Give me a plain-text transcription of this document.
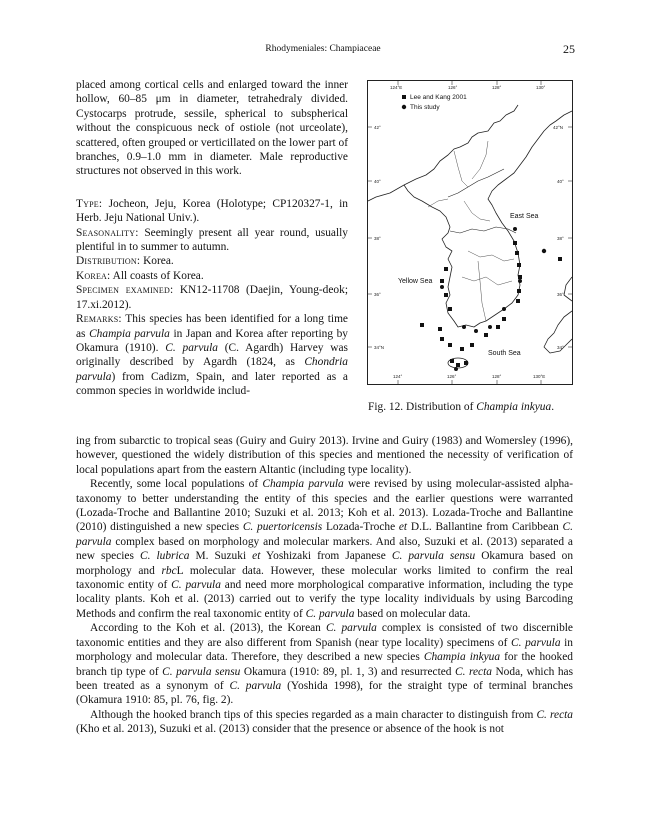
Rhodymeniales: Champiaceae	25

placed among cortical cells and enlarged toward the inner hollow, 60–85 μm in diameter, tetrahedraly divided. Cystocarps protrude, sessile, spherical to subspherical without the conspicuous neck of ostiole (not urceolate), scattered, often grouped or verticillated on the lower part of branches, 0.9–1.0 mm in diameter. Male reproductive structures not observed in this work.

Type: Jocheon, Jeju, Korea (Holotype; CP120327-1, in Herb. Jeju National Univ.).

Seasonality: Seemingly present all year round, usually plentiful in to summer to autumn.

Distribution: Korea.

Korea: All coasts of Korea.

Specimen examined: KN12-11708 (Daejin, Young-deok; 17.xi.2012).

Remarks: This species has been identified for a long time as Champia parvula in Japan and Korea after reporting by Okamura (1910). C. parvula (C. Agardh) Harvey was originally described by Agardh (1824, as Chondria parvula) from Cadizm, Spain, and later reported as a common species in worldwide includ-

124°E	126°	128°	130°
124°	126°	128°	130°E
42°
40°
38°
36°
34°N
42°N
40°
38°
36°
34°
Lee and Kang 2001
This study
East Sea
Yellow Sea
South Sea
Fig. 12. Distribution of Champia inkyua.

ing from subarctic to tropical seas (Guiry and Guiry 2013). Irvine and Guiry (1983) and Womersley (1996), however, questioned the widely distribution of this species and mentioned the necessity of verification of local populations apart from the eastern Altantic (including type locality).

Recently, some local populations of Champia parvula were revised by using molecular-assisted alpha-taxonomy to better understanding the entity of this species and the earlier questions were warranted (Lozada-Troche and Ballantine 2010; Suzuki et al. 2013; Koh et al. 2013). Lozada-Troche and Ballantine (2010) distinguished a new species C. puertoricensis Lozada-Troche et D.L. Ballantine from Caribbean C. parvula complex based on morphology and molecular markers. And also, Suzuki et al. (2013) separated a new species C. lubrica M. Suzuki et Yoshizaki from Japanese C. parvula sensu Okamura based on morphology and rbcL molecular data. However, these molecular works limited to confirm the real taxonomic entity of C. parvula and need more morphological comparative information, including the type locality plants. Koh et al. (2013) carried out to verify the type locality individuals by using Barcoding Methods and confirm the real taxonomic entity of C. parvula based on molecular data.

According to the Koh et al. (2013), the Korean C. parvula complex is consisted of two discernible taxonomic entities and they are also different from Spanish (near type locality) specimens of C. parvula in morphology and molecular data. Therefore, they described a new species Champia inkyua for the hooked branch tip type of C. parvula sensu Okamura (1910: 89, pl. 1, 3) and resurrected C. recta Noda, which has been treated as a synonym of C. parvula (Yoshida 1998), for the straight type of terminal branches (Okamura 1910: 85, pl. 76, fig. 2).

Although the hooked branch tips of this species regarded as a main character to distinguish from C. recta (Kho et al. 2013), Suzuki et al. (2013) consider that the presence or absence of the hook is not
